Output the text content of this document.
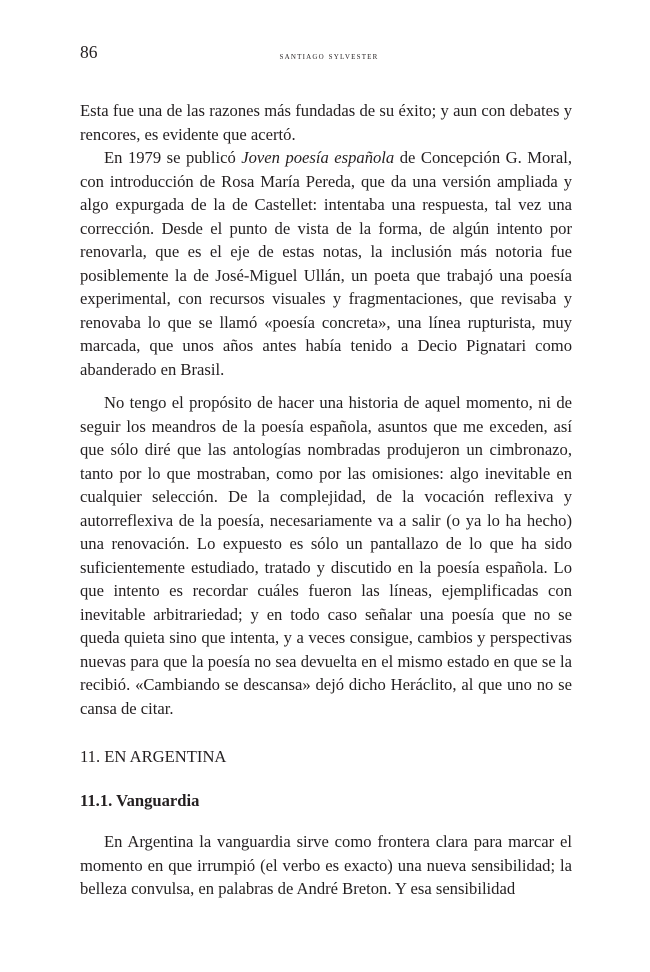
86	santiago sylvester

Esta fue una de las razones más fundadas de su éxito; y aun con debates y rencores, es evidente que acertó.

En 1979 se publicó Joven poesía española de Concepción G. Moral, con introducción de Rosa María Pereda, que da una versión ampliada y algo expurgada de la de Castellet: intentaba una respuesta, tal vez una corrección. Desde el punto de vista de la forma, de algún intento por renovarla, que es el eje de estas notas, la inclusión más notoria fue posiblemente la de José-Miguel Ullán, un poeta que trabajó una poesía experimental, con recursos visuales y fragmentaciones, que revisaba y renovaba lo que se llamó «poesía concreta», una línea rupturista, muy marcada, que unos años antes había tenido a Decio Pignatari como abanderado en Brasil.

No tengo el propósito de hacer una historia de aquel momento, ni de seguir los meandros de la poesía española, asuntos que me exceden, así que sólo diré que las antologías nombradas produjeron un cimbronazo, tanto por lo que mostraban, como por las omisiones: algo inevitable en cualquier selección. De la complejidad, de la vocación reflexiva y autorreflexiva de la poesía, necesariamente va a salir (o ya lo ha hecho) una renovación. Lo expuesto es sólo un pantallazo de lo que ha sido suficientemente estudiado, tratado y discutido en la poesía española. Lo que intento es recordar cuáles fueron las líneas, ejemplificadas con inevitable arbitrariedad; y en todo caso señalar una poesía que no se queda quieta sino que intenta, y a veces consigue, cambios y perspectivas nuevas para que la poesía no sea devuelta en el mismo estado en que se la recibió. «Cambiando se descansa» dejó dicho Heráclito, al que uno no se cansa de citar.

11. EN ARGENTINA
11.1. Vanguardia

En Argentina la vanguardia sirve como frontera clara para marcar el momento en que irrumpió (el verbo es exacto) una nueva sensibilidad; la belleza convulsa, en palabras de André Breton. Y esa sensibilidad
